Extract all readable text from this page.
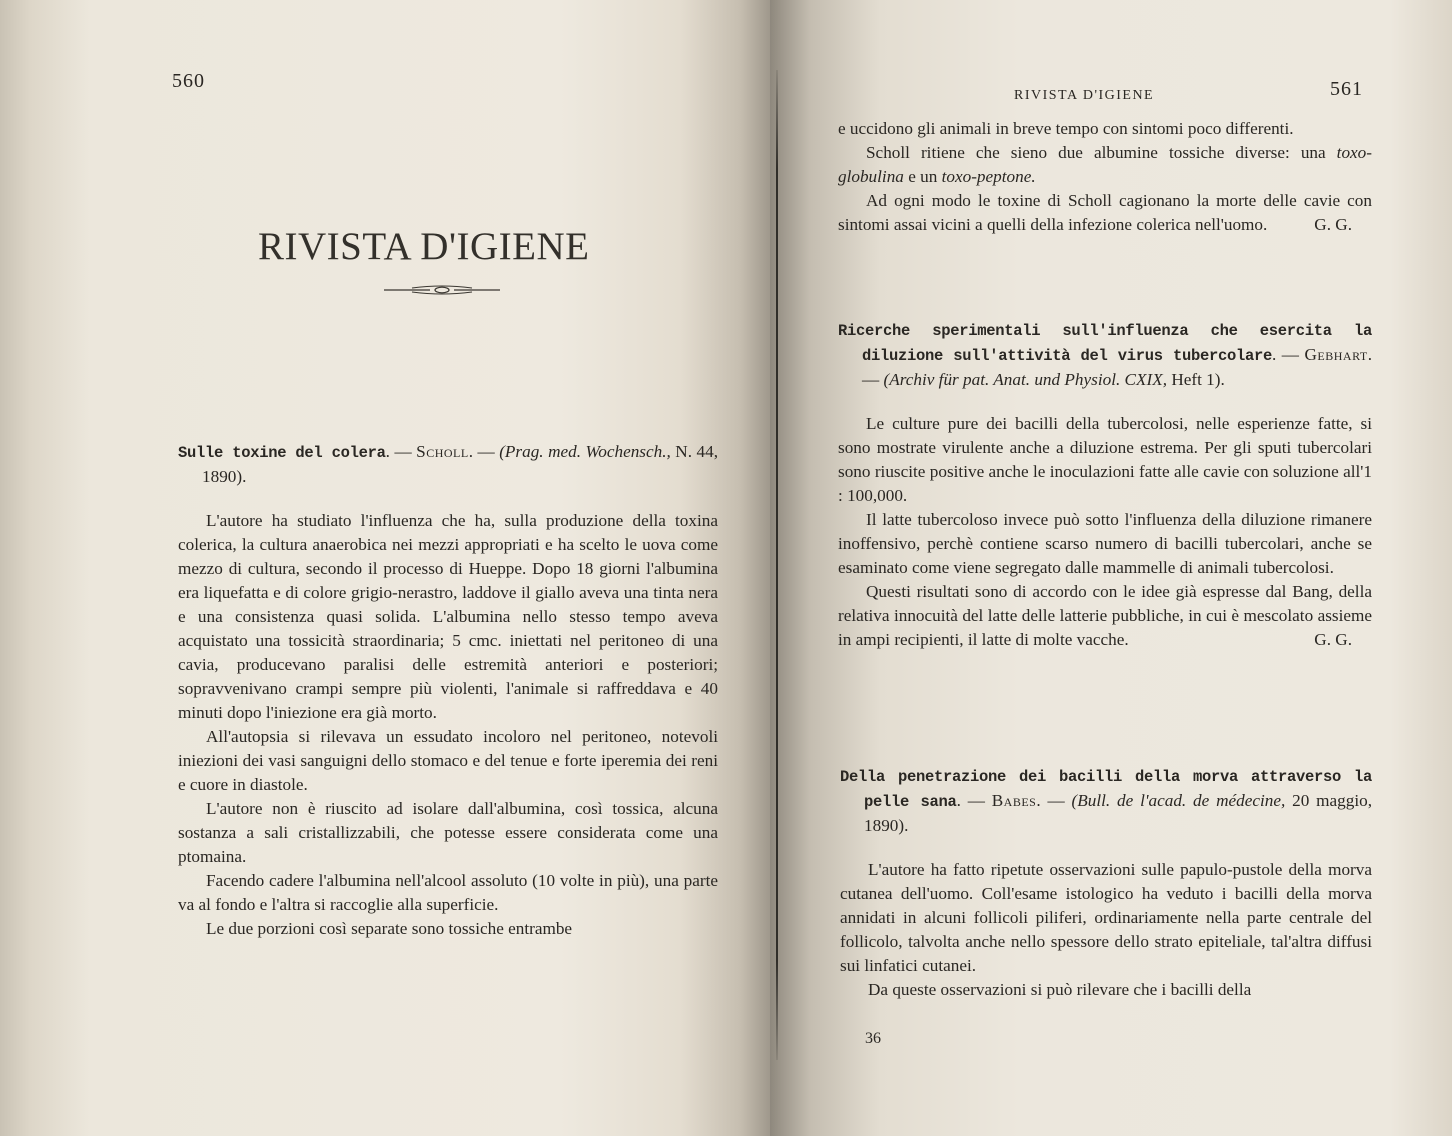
560
RIVISTA D'IGIENE

Sulle toxine del colera. — Scholl. — (Prag. med. Wochensch., N. 44, 1890).

L'autore ha studiato l'influenza che ha, sulla produzione della toxina colerica, la cultura anaerobica nei mezzi appropriati e ha scelto le uova come mezzo di cultura, secondo il processo di Hueppe. Dopo 18 giorni l'albumina era liquefatta e di colore grigio-nerastro, laddove il giallo aveva una tinta nera e una consistenza quasi solida. L'albumina nello stesso tempo aveva acquistato una tossicità straordinaria; 5 cmc. iniettati nel peritoneo di una cavia, producevano paralisi delle estremità anteriori e posteriori; sopravvenivano crampi sempre più violenti, l'animale si raffreddava e 40 minuti dopo l'iniezione era già morto.

All'autopsia si rilevava un essudato incoloro nel peritoneo, notevoli iniezioni dei vasi sanguigni dello stomaco e del tenue e forte iperemia dei reni e cuore in diastole.

L'autore non è riuscito ad isolare dall'albumina, così tossica, alcuna sostanza a sali cristallizzabili, che potesse essere considerata come una ptomaina.

Facendo cadere l'albumina nell'alcool assoluto (10 volte in più), una parte va al fondo e l'altra si raccoglie alla superficie.

Le due porzioni così separate sono tossiche entrambe

RIVISTA D'IGIENE	561

e uccidono gli animali in breve tempo con sintomi poco differenti.

Scholl ritiene che sieno due albumine tossiche diverse: una toxo-globulina e un toxo-peptone.

Ad ogni modo le toxine di Scholl cagionano la morte delle cavie con sintomi assai vicini a quelli della infezione colerica nell'uomo.	G. G.

Ricerche sperimentali sull'influenza che esercita la diluzione sull'attività del virus tubercolare. — Gebhart. — (Archiv für pat. Anat. und Physiol. CXIX, Heft 1).

Le culture pure dei bacilli della tubercolosi, nelle esperienze fatte, si sono mostrate virulente anche a diluzione estrema. Per gli sputi tubercolari sono riuscite positive anche le inoculazioni fatte alle cavie con soluzione all'1 : 100,000.

Il latte tubercoloso invece può sotto l'influenza della diluzione rimanere inoffensivo, perchè contiene scarso numero di bacilli tubercolari, anche se esaminato come viene segregato dalle mammelle di animali tubercolosi.

Questi risultati sono di accordo con le idee già espresse dal Bang, della relativa innocuità del latte delle latterie pubbliche, in cui è mescolato assieme in ampi recipienti, il latte di molte vacche.	G. G.

Della penetrazione dei bacilli della morva attraverso la pelle sana. — Babes. — (Bull. de l'acad. de médecine, 20 maggio, 1890).

L'autore ha fatto ripetute osservazioni sulle papulo-pustole della morva cutanea dell'uomo. Coll'esame istologico ha veduto i bacilli della morva annidati in alcuni follicoli piliferi, ordinariamente nella parte centrale del follicolo, talvolta anche nello spessore dello strato epiteliale, tal'altra diffusi sui linfatici cutanei.

Da queste osservazioni si può rilevare che i bacilli della

36
